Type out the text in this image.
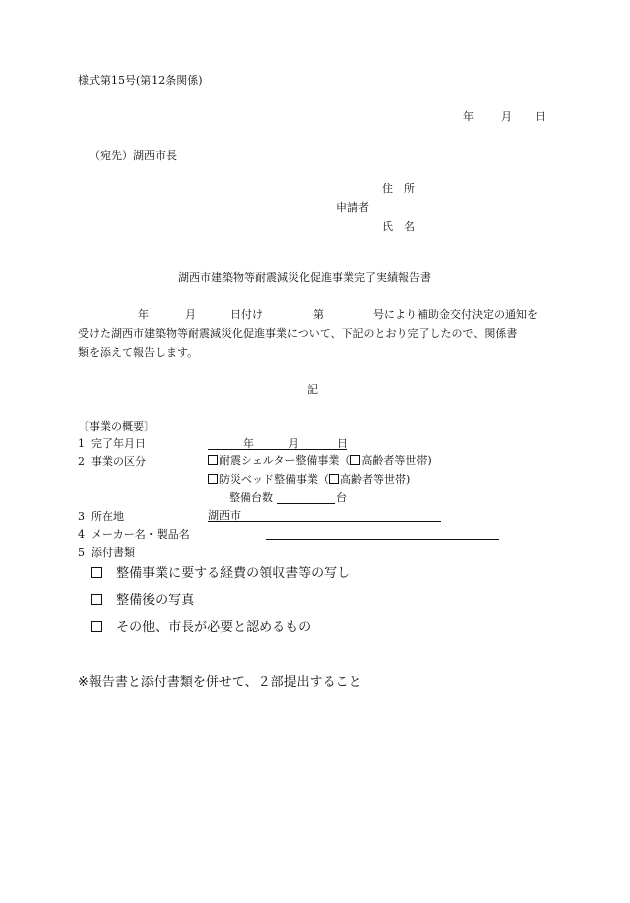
様式第15号(第12条関係)
年 月 日
（宛先）湖西市長
住　所
申請者
氏　名
湖西市建築物等耐震減災化促進事業完了実績報告書
年	月	日付け	第	号により補助金交付決定の通知を
受けた湖西市建築物等耐震減災化促進事業について、下記のとおり完了したので、関係書
類を添えて報告します。
記
〔事業の概要〕
1 完了年月日	年	月	日
2 事業の区分	耐震シェルター整備事業（ 高齢者等世帯)
防災ベッド整備事業（ 高齢者等世帯)
整備台数	台
3 所在地	湖西市
4 メーカー名・製品名
5 添付書類
整備事業に要する経費の領収書等の写し
整備後の写真
その他、市長が必要と認めるもの
※報告書と添付書類を併せて、２部提出すること
